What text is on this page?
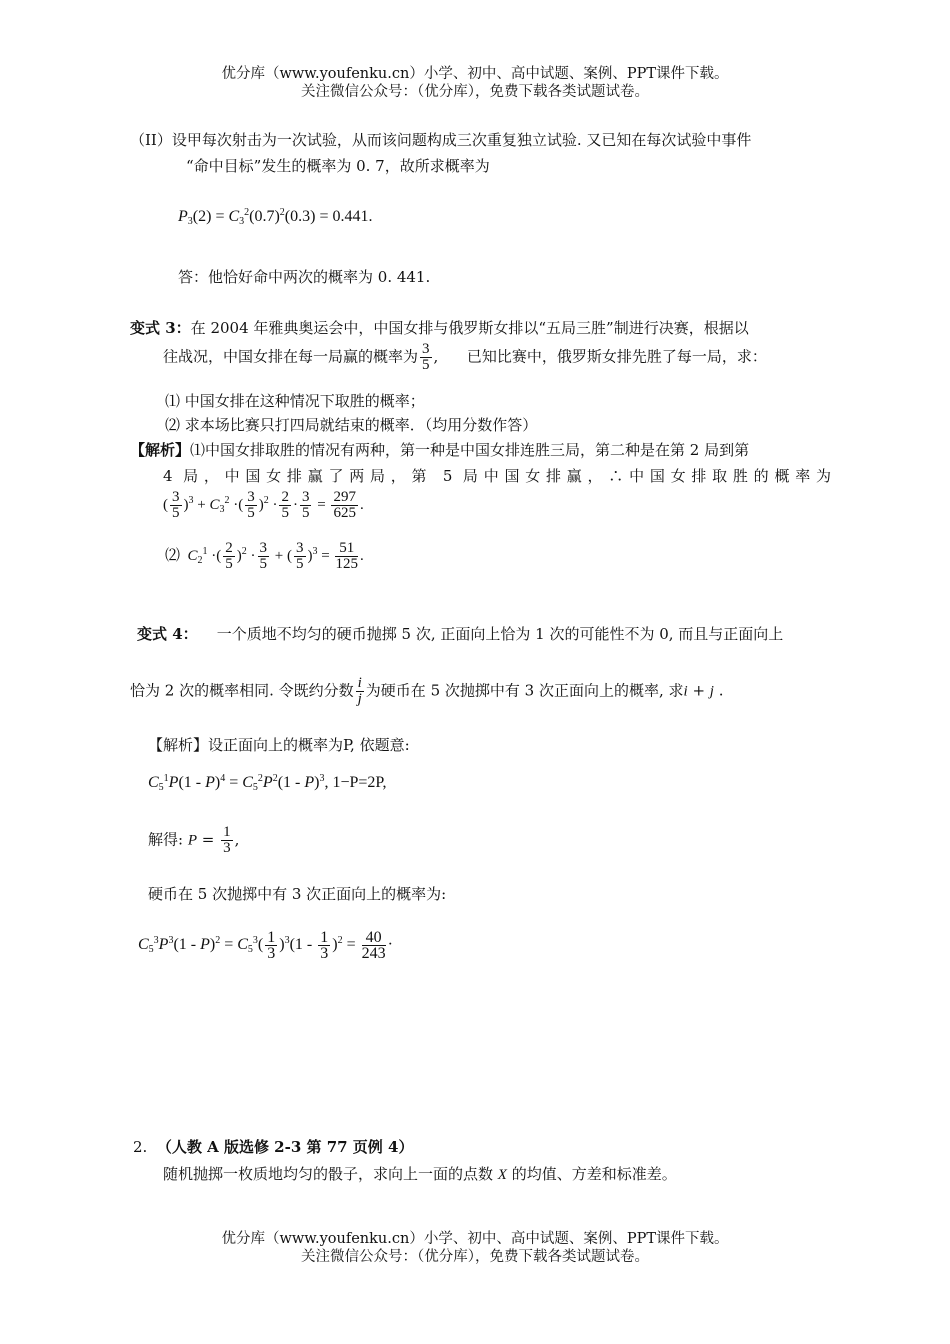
优分库（www.youfenku.cn）小学、初中、高中试题、案例、PPT课件下载。
关注微信公众号：（优分库），免费下载各类试题试卷。
（II）设甲每次射击为一次试验，从而该问题构成三次重复独立试验. 又已知在每次试验中事件
“命中目标”发生的概率为 0. 7，故所求概率为
$P_3(2) = C_3^2(0.7)^2(0.3) = 0.441$.
答：他恰好命中两次的概率为 0. 441.
变式 3：在 2004 年雅典奥运会中，中国女排与俄罗斯女排以“五局三胜”制进行决赛，根据以
往战况，中国女排在每一局赢的概率为 $\frac{3}{5}$ ,      已知比赛中，俄罗斯女排先胜了每一局，求：
⑴ 中国女排在这种情况下取胜的概率；
⑵ 求本场比赛只打四局就结束的概率．（均用分数作答）
【解析】⑴中国女排取胜的情况有两种，第一种是中国女排连胜三局，第二种是在第 2 局到第
4 局，中国女排赢了两局，第 5 局中国女排赢，∴中国女排取胜的概率为
( $\frac{3}{5} )^3 + C_3^2$ ·( $\frac{3}{5} )^2 \cdot \frac{2}{5} \cdot \frac{3}{5} = \frac{297}{625}$ .
⑵ $C_2^1$ ·( $\frac{2}{5} )^2 \cdot \frac{3}{5}$ + ( $\frac{3}{5} )^3 = \frac{51}{125}$ .
变式 4： 一个质地不均匀的硬币抛掷 5 次, 正面向上恰为 1 次的可能性不为 0, 而且与正面向上
恰为 2 次的概率相同. 令既约分数 $\frac{i}{j}$ 为硬币在 5 次抛掷中有 3 次正面向上的概率, 求i + j .
【解析】设正面向上的概率为P, 依题意:
$C_5^1P(1 - P)^4 = C_5^2P^2(1 - P)^3$, 1−P=2P,
解得: $P = \frac{1}{3}$ ,
硬币在 5 次抛掷中有 3 次正面向上的概率为:
$C_5^3P^3(1 - P)^2 = C_5^3( \frac{1}{3} )^3(1 - \frac{1}{3} )^2 = \frac{40}{243}$ ·
2. （人教 A 版选修 2-3 第 77 页例 4）
随机抛掷一枚质地均匀的骰子，求向上一面的点数 X 的均值、方差和标准差。
优分库（www.youfenku.cn）小学、初中、高中试题、案例、PPT课件下载。
关注微信公众号：（优分库），免费下载各类试题试卷。
